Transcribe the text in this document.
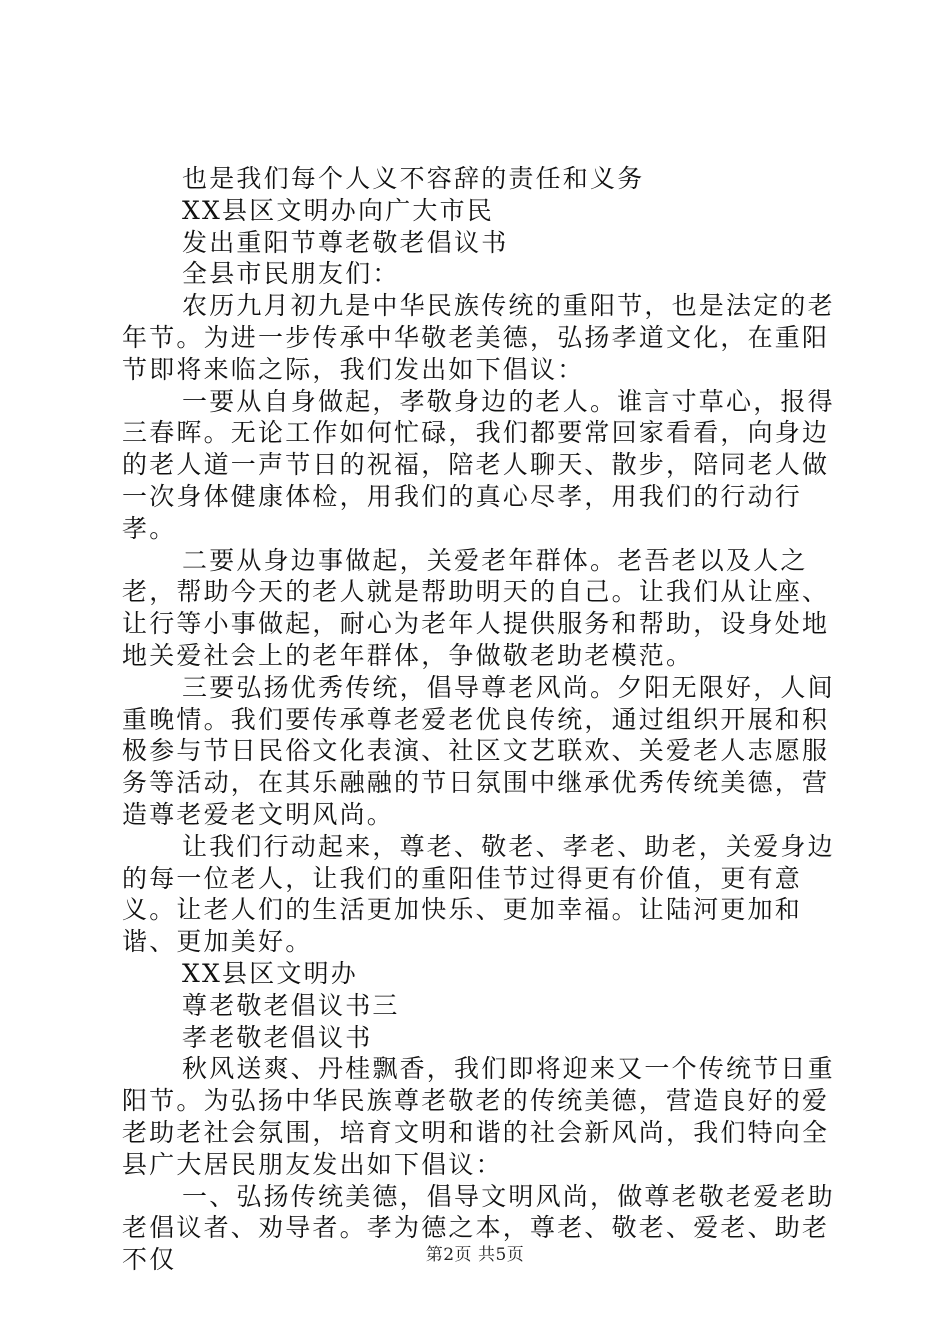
也是我们每个人义不容辞的责任和义务

XX县区文明办向广大市民

发出重阳节尊老敬老倡议书

全县市民朋友们：

农历九月初九是中华民族传统的重阳节，也是法定的老年节。为进一步传承中华敬老美德，弘扬孝道文化，在重阳节即将来临之际，我们发出如下倡议：

一要从自身做起，孝敬身边的老人。谁言寸草心，报得三春晖。无论工作如何忙碌，我们都要常回家看看，向身边的老人道一声节日的祝福，陪老人聊天、散步，陪同老人做一次身体健康体检，用我们的真心尽孝，用我们的行动行孝。

二要从身边事做起，关爱老年群体。老吾老以及人之老，帮助今天的老人就是帮助明天的自己。让我们从让座、让行等小事做起，耐心为老年人提供服务和帮助，设身处地地关爱社会上的老年群体，争做敬老助老模范。

三要弘扬优秀传统，倡导尊老风尚。夕阳无限好，人间重晚情。我们要传承尊老爱老优良传统，通过组织开展和积极参与节日民俗文化表演、社区文艺联欢、关爱老人志愿服务等活动，在其乐融融的节日氛围中继承优秀传统美德，营造尊老爱老文明风尚。

让我们行动起来，尊老、敬老、孝老、助老，关爱身边的每一位老人，让我们的重阳佳节过得更有价值，更有意义。让老人们的生活更加快乐、更加幸福。让陆河更加和谐、更加美好。

XX县区文明办

尊老敬老倡议书三

孝老敬老倡议书

秋风送爽、丹桂飘香，我们即将迎来又一个传统节日重阳节。为弘扬中华民族尊老敬老的传统美德，营造良好的爱老助老社会氛围，培育文明和谐的社会新风尚，我们特向全县广大居民朋友发出如下倡议：

一、弘扬传统美德，倡导文明风尚，做尊老敬老爱老助老倡议者、劝导者。孝为德之本，尊老、敬老、爱老、助老不仅	第2页 共5页
